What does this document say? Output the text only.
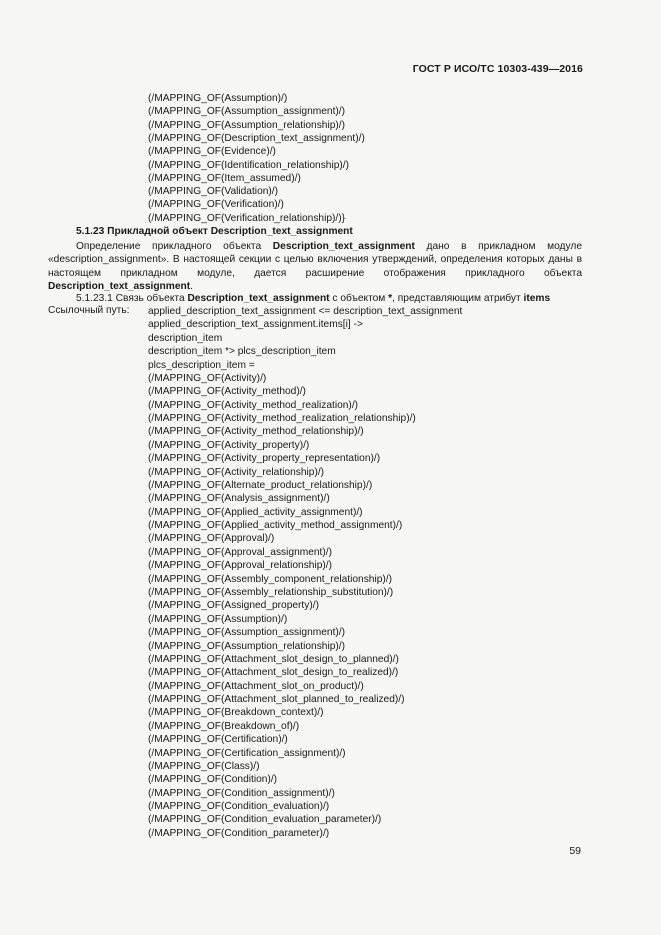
ГОСТ Р ИСО/ТС 10303-439—2016
(/MAPPING_OF(Assumption)/)
(/MAPPING_OF(Assumption_assignment)/)
(/MAPPING_OF(Assumption_relationship)/)
(/MAPPING_OF(Description_text_assignment)/)
(/MAPPING_OF(Evidence)/)
(/MAPPING_OF(Identification_relationship)/)
(/MAPPING_OF(Item_assumed)/)
(/MAPPING_OF(Validation)/)
(/MAPPING_OF(Verification)/)
(/MAPPING_OF(Verification_relationship)/)}
5.1.23 Прикладной объект Description_text_assignment
Определение прикладного объекта Description_text_assignment дано в прикладном модуле «description_assignment». В настоящей секции с целью включения утверждений, определения которых даны в настоящем прикладном модуле, дается расширение отображения прикладного объекта Description_text_assignment.
5.1.23.1 Связь объекта Description_text_assignment с объектом *, представляющим атрибут items
Ссылочный путь: applied_description_text_assignment <= description_text_assignment
applied_description_text_assignment.items[i] ->
description_item
description_item *> plcs_description_item
plcs_description_item =
(/MAPPING_OF(Activity)/)
(/MAPPING_OF(Activity_method)/)
(/MAPPING_OF(Activity_method_realization)/)
(/MAPPING_OF(Activity_method_realization_relationship)/)
(/MAPPING_OF(Activity_method_relationship)/)
(/MAPPING_OF(Activity_property)/)
(/MAPPING_OF(Activity_property_representation)/)
(/MAPPING_OF(Activity_relationship)/)
(/MAPPING_OF(Alternate_product_relationship)/)
(/MAPPING_OF(Analysis_assignment)/)
(/MAPPING_OF(Applied_activity_assignment)/)
(/MAPPING_OF(Applied_activity_method_assignment)/)
(/MAPPING_OF(Approval)/)
(/MAPPING_OF(Approval_assignment)/)
(/MAPPING_OF(Approval_relationship)/)
(/MAPPING_OF(Assembly_component_relationship)/)
(/MAPPING_OF(Assembly_relationship_substitution)/)
(/MAPPING_OF(Assigned_property)/)
(/MAPPING_OF(Assumption)/)
(/MAPPING_OF(Assumption_assignment)/)
(/MAPPING_OF(Assumption_relationship)/)
(/MAPPING_OF(Attachment_slot_design_to_planned)/)
(/MAPPING_OF(Attachment_slot_design_to_realized)/)
(/MAPPING_OF(Attachment_slot_on_product)/)
(/MAPPING_OF(Attachment_slot_planned_to_realized)/)
(/MAPPING_OF(Breakdown_context)/)
(/MAPPING_OF(Breakdown_of)/)
(/MAPPING_OF(Certification)/)
(/MAPPING_OF(Certification_assignment)/)
(/MAPPING_OF(Class)/)
(/MAPPING_OF(Condition)/)
(/MAPPING_OF(Condition_assignment)/)
(/MAPPING_OF(Condition_evaluation)/)
(/MAPPING_OF(Condition_evaluation_parameter)/)
(/MAPPING_OF(Condition_parameter)/)
59
